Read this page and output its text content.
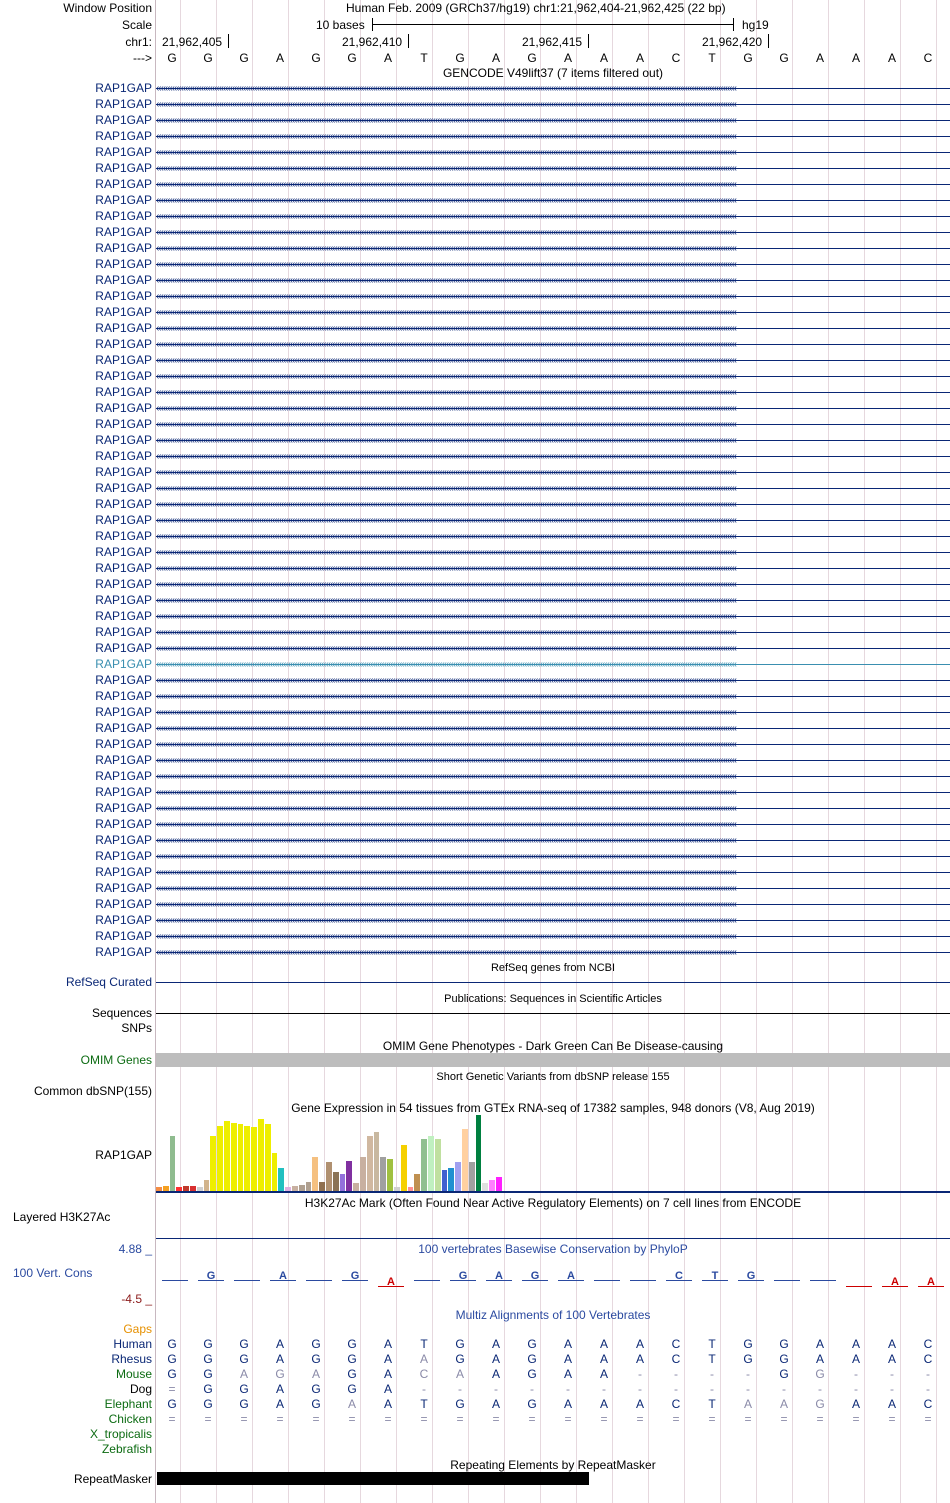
Window Position
Scale
chr1:
--->
Human Feb. 2009 (GRCh37/hg19) chr1:21,962,404-21,962,425 (22 bp)
10 bases	hg19
21,962,405	21,962,410	21,962,415	21,962,420
G	G	G	A	G	G	A	T	G	A	G	A	A	A	C	T	G	G	A	A	A	C
GENCODE V49lift37 (7 items filtered out)
RAP1GAP ‹‹‹‹‹‹‹‹‹‹‹‹‹‹‹‹‹‹‹‹‹‹‹‹‹‹‹‹‹‹‹‹‹‹‹‹‹‹‹‹‹‹‹‹‹‹‹‹‹‹‹‹‹‹‹‹‹‹‹‹‹‹‹‹‹‹‹‹‹‹‹‹‹‹‹‹‹‹‹‹‹‹‹‹‹‹‹‹‹‹‹‹‹‹‹‹‹‹‹‹‹‹‹‹‹‹‹‹‹‹‹‹‹‹‹‹‹‹‹‹‹‹‹‹‹‹‹‹‹‹‹‹‹‹‹‹‹‹‹‹‹‹‹‹‹‹‹‹‹‹‹‹‹‹‹‹‹‹‹‹‹‹‹‹‹‹‹‹‹‹‹‹‹‹‹‹‹‹‹‹‹‹‹‹‹‹‹‹‹‹‹‹‹‹‹‹‹‹‹‹‹‹‹‹‹‹‹‹‹‹‹‹‹‹‹‹‹‹‹‹‹‹‹‹‹‹‹‹‹‹‹‹‹‹‹‹‹‹‹‹‹‹‹‹‹‹‹‹‹‹‹‹‹‹‹‹‹‹‹‹
RAP1GAP ‹‹‹‹‹‹‹‹‹‹‹‹‹‹‹‹‹‹‹‹‹‹‹‹‹‹‹‹‹‹‹‹‹‹‹‹‹‹‹‹‹‹‹‹‹‹‹‹‹‹‹‹‹‹‹‹‹‹‹‹‹‹‹‹‹‹‹‹‹‹‹‹‹‹‹‹‹‹‹‹‹‹‹‹‹‹‹‹‹‹‹‹‹‹‹‹‹‹‹‹‹‹‹‹‹‹‹‹‹‹‹‹‹‹‹‹‹‹‹‹‹‹‹‹‹‹‹‹‹‹‹‹‹‹‹‹‹‹‹‹‹‹‹‹‹‹‹‹‹‹‹‹‹‹‹‹‹‹‹‹‹‹‹‹‹‹‹‹‹‹‹‹‹‹‹‹‹‹‹‹‹‹‹‹‹‹‹‹‹‹‹‹‹‹‹‹‹‹‹‹‹‹‹‹‹‹‹‹‹‹‹‹‹‹‹‹‹‹‹‹‹‹‹‹‹‹‹‹‹‹‹‹‹‹‹‹‹‹‹‹‹‹‹‹‹‹‹‹‹‹‹‹‹‹‹‹‹‹‹‹
RAP1GAP ‹‹‹‹‹‹‹‹‹‹‹‹‹‹‹‹‹‹‹‹‹‹‹‹‹‹‹‹‹‹‹‹‹‹‹‹‹‹‹‹‹‹‹‹‹‹‹‹‹‹‹‹‹‹‹‹‹‹‹‹‹‹‹‹‹‹‹‹‹‹‹‹‹‹‹‹‹‹‹‹‹‹‹‹‹‹‹‹‹‹‹‹‹‹‹‹‹‹‹‹‹‹‹‹‹‹‹‹‹‹‹‹‹‹‹‹‹‹‹‹‹‹‹‹‹‹‹‹‹‹‹‹‹‹‹‹‹‹‹‹‹‹‹‹‹‹‹‹‹‹‹‹‹‹‹‹‹‹‹‹‹‹‹‹‹‹‹‹‹‹‹‹‹‹‹‹‹‹‹‹‹‹‹‹‹‹‹‹‹‹‹‹‹‹‹‹‹‹‹‹‹‹‹‹‹‹‹‹‹‹‹‹‹‹‹‹‹‹‹‹‹‹‹‹‹‹‹‹‹‹‹‹‹‹‹‹‹‹‹‹‹‹‹‹‹‹‹‹‹‹‹‹‹‹‹‹‹‹‹‹
RAP1GAP ‹‹‹‹‹‹‹‹‹‹‹‹‹‹‹‹‹‹‹‹‹‹‹‹‹‹‹‹‹‹‹‹‹‹‹‹‹‹‹‹‹‹‹‹‹‹‹‹‹‹‹‹‹‹‹‹‹‹‹‹‹‹‹‹‹‹‹‹‹‹‹‹‹‹‹‹‹‹‹‹‹‹‹‹‹‹‹‹‹‹‹‹‹‹‹‹‹‹‹‹‹‹‹‹‹‹‹‹‹‹‹‹‹‹‹‹‹‹‹‹‹‹‹‹‹‹‹‹‹‹‹‹‹‹‹‹‹‹‹‹‹‹‹‹‹‹‹‹‹‹‹‹‹‹‹‹‹‹‹‹‹‹‹‹‹‹‹‹‹‹‹‹‹‹‹‹‹‹‹‹‹‹‹‹‹‹‹‹‹‹‹‹‹‹‹‹‹‹‹‹‹‹‹‹‹‹‹‹‹‹‹‹‹‹‹‹‹‹‹‹‹‹‹‹‹‹‹‹‹‹‹‹‹‹‹‹‹‹‹‹‹‹‹‹‹‹‹‹‹‹‹‹‹‹‹‹‹‹‹‹
RAP1GAP ‹‹‹‹‹‹‹‹‹‹‹‹‹‹‹‹‹‹‹‹‹‹‹‹‹‹‹‹‹‹‹‹‹‹‹‹‹‹‹‹‹‹‹‹‹‹‹‹‹‹‹‹‹‹‹‹‹‹‹‹‹‹‹‹‹‹‹‹‹‹‹‹‹‹‹‹‹‹‹‹‹‹‹‹‹‹‹‹‹‹‹‹‹‹‹‹‹‹‹‹‹‹‹‹‹‹‹‹‹‹‹‹‹‹‹‹‹‹‹‹‹‹‹‹‹‹‹‹‹‹‹‹‹‹‹‹‹‹‹‹‹‹‹‹‹‹‹‹‹‹‹‹‹‹‹‹‹‹‹‹‹‹‹‹‹‹‹‹‹‹‹‹‹‹‹‹‹‹‹‹‹‹‹‹‹‹‹‹‹‹‹‹‹‹‹‹‹‹‹‹‹‹‹‹‹‹‹‹‹‹‹‹‹‹‹‹‹‹‹‹‹‹‹‹‹‹‹‹‹‹‹‹‹‹‹‹‹‹‹‹‹‹‹‹‹‹‹‹‹‹‹‹‹‹‹‹‹‹‹‹
RAP1GAP ‹‹‹‹‹‹‹‹‹‹‹‹‹‹‹‹‹‹‹‹‹‹‹‹‹‹‹‹‹‹‹‹‹‹‹‹‹‹‹‹‹‹‹‹‹‹‹‹‹‹‹‹‹‹‹‹‹‹‹‹‹‹‹‹‹‹‹‹‹‹‹‹‹‹‹‹‹‹‹‹‹‹‹‹‹‹‹‹‹‹‹‹‹‹‹‹‹‹‹‹‹‹‹‹‹‹‹‹‹‹‹‹‹‹‹‹‹‹‹‹‹‹‹‹‹‹‹‹‹‹‹‹‹‹‹‹‹‹‹‹‹‹‹‹‹‹‹‹‹‹‹‹‹‹‹‹‹‹‹‹‹‹‹‹‹‹‹‹‹‹‹‹‹‹‹‹‹‹‹‹‹‹‹‹‹‹‹‹‹‹‹‹‹‹‹‹‹‹‹‹‹‹‹‹‹‹‹‹‹‹‹‹‹‹‹‹‹‹‹‹‹‹‹‹‹‹‹‹‹‹‹‹‹‹‹‹‹‹‹‹‹‹‹‹‹‹‹‹‹‹‹‹‹‹‹‹‹‹‹‹
RAP1GAP ‹‹‹‹‹‹‹‹‹‹‹‹‹‹‹‹‹‹‹‹‹‹‹‹‹‹‹‹‹‹‹‹‹‹‹‹‹‹‹‹‹‹‹‹‹‹‹‹‹‹‹‹‹‹‹‹‹‹‹‹‹‹‹‹‹‹‹‹‹‹‹‹‹‹‹‹‹‹‹‹‹‹‹‹‹‹‹‹‹‹‹‹‹‹‹‹‹‹‹‹‹‹‹‹‹‹‹‹‹‹‹‹‹‹‹‹‹‹‹‹‹‹‹‹‹‹‹‹‹‹‹‹‹‹‹‹‹‹‹‹‹‹‹‹‹‹‹‹‹‹‹‹‹‹‹‹‹‹‹‹‹‹‹‹‹‹‹‹‹‹‹‹‹‹‹‹‹‹‹‹‹‹‹‹‹‹‹‹‹‹‹‹‹‹‹‹‹‹‹‹‹‹‹‹‹‹‹‹‹‹‹‹‹‹‹‹‹‹‹‹‹‹‹‹‹‹‹‹‹‹‹‹‹‹‹‹‹‹‹‹‹‹‹‹‹‹‹‹‹‹‹‹‹‹‹‹‹‹‹‹
RAP1GAP ‹‹‹‹‹‹‹‹‹‹‹‹‹‹‹‹‹‹‹‹‹‹‹‹‹‹‹‹‹‹‹‹‹‹‹‹‹‹‹‹‹‹‹‹‹‹‹‹‹‹‹‹‹‹‹‹‹‹‹‹‹‹‹‹‹‹‹‹‹‹‹‹‹‹‹‹‹‹‹‹‹‹‹‹‹‹‹‹‹‹‹‹‹‹‹‹‹‹‹‹‹‹‹‹‹‹‹‹‹‹‹‹‹‹‹‹‹‹‹‹‹‹‹‹‹‹‹‹‹‹‹‹‹‹‹‹‹‹‹‹‹‹‹‹‹‹‹‹‹‹‹‹‹‹‹‹‹‹‹‹‹‹‹‹‹‹‹‹‹‹‹‹‹‹‹‹‹‹‹‹‹‹‹‹‹‹‹‹‹‹‹‹‹‹‹‹‹‹‹‹‹‹‹‹‹‹‹‹‹‹‹‹‹‹‹‹‹‹‹‹‹‹‹‹‹‹‹‹‹‹‹‹‹‹‹‹‹‹‹‹‹‹‹‹‹‹‹‹‹‹‹‹‹‹‹‹‹‹‹‹
RAP1GAP ‹‹‹‹‹‹‹‹‹‹‹‹‹‹‹‹‹‹‹‹‹‹‹‹‹‹‹‹‹‹‹‹‹‹‹‹‹‹‹‹‹‹‹‹‹‹‹‹‹‹‹‹‹‹‹‹‹‹‹‹‹‹‹‹‹‹‹‹‹‹‹‹‹‹‹‹‹‹‹‹‹‹‹‹‹‹‹‹‹‹‹‹‹‹‹‹‹‹‹‹‹‹‹‹‹‹‹‹‹‹‹‹‹‹‹‹‹‹‹‹‹‹‹‹‹‹‹‹‹‹‹‹‹‹‹‹‹‹‹‹‹‹‹‹‹‹‹‹‹‹‹‹‹‹‹‹‹‹‹‹‹‹‹‹‹‹‹‹‹‹‹‹‹‹‹‹‹‹‹‹‹‹‹‹‹‹‹‹‹‹‹‹‹‹‹‹‹‹‹‹‹‹‹‹‹‹‹‹‹‹‹‹‹‹‹‹‹‹‹‹‹‹‹‹‹‹‹‹‹‹‹‹‹‹‹‹‹‹‹‹‹‹‹‹‹‹‹‹‹‹‹‹‹‹‹‹‹‹‹‹
RAP1GAP ‹‹‹‹‹‹‹‹‹‹‹‹‹‹‹‹‹‹‹‹‹‹‹‹‹‹‹‹‹‹‹‹‹‹‹‹‹‹‹‹‹‹‹‹‹‹‹‹‹‹‹‹‹‹‹‹‹‹‹‹‹‹‹‹‹‹‹‹‹‹‹‹‹‹‹‹‹‹‹‹‹‹‹‹‹‹‹‹‹‹‹‹‹‹‹‹‹‹‹‹‹‹‹‹‹‹‹‹‹‹‹‹‹‹‹‹‹‹‹‹‹‹‹‹‹‹‹‹‹‹‹‹‹‹‹‹‹‹‹‹‹‹‹‹‹‹‹‹‹‹‹‹‹‹‹‹‹‹‹‹‹‹‹‹‹‹‹‹‹‹‹‹‹‹‹‹‹‹‹‹‹‹‹‹‹‹‹‹‹‹‹‹‹‹‹‹‹‹‹‹‹‹‹‹‹‹‹‹‹‹‹‹‹‹‹‹‹‹‹‹‹‹‹‹‹‹‹‹‹‹‹‹‹‹‹‹‹‹‹‹‹‹‹‹‹‹‹‹‹‹‹‹‹‹‹‹‹‹‹‹
RAP1GAP ‹‹‹‹‹‹‹‹‹‹‹‹‹‹‹‹‹‹‹‹‹‹‹‹‹‹‹‹‹‹‹‹‹‹‹‹‹‹‹‹‹‹‹‹‹‹‹‹‹‹‹‹‹‹‹‹‹‹‹‹‹‹‹‹‹‹‹‹‹‹‹‹‹‹‹‹‹‹‹‹‹‹‹‹‹‹‹‹‹‹‹‹‹‹‹‹‹‹‹‹‹‹‹‹‹‹‹‹‹‹‹‹‹‹‹‹‹‹‹‹‹‹‹‹‹‹‹‹‹‹‹‹‹‹‹‹‹‹‹‹‹‹‹‹‹‹‹‹‹‹‹‹‹‹‹‹‹‹‹‹‹‹‹‹‹‹‹‹‹‹‹‹‹‹‹‹‹‹‹‹‹‹‹‹‹‹‹‹‹‹‹‹‹‹‹‹‹‹‹‹‹‹‹‹‹‹‹‹‹‹‹‹‹‹‹‹‹‹‹‹‹‹‹‹‹‹‹‹‹‹‹‹‹‹‹‹‹‹‹‹‹‹‹‹‹‹‹‹‹‹‹‹‹‹‹‹‹‹‹‹
RAP1GAP ‹‹‹‹‹‹‹‹‹‹‹‹‹‹‹‹‹‹‹‹‹‹‹‹‹‹‹‹‹‹‹‹‹‹‹‹‹‹‹‹‹‹‹‹‹‹‹‹‹‹‹‹‹‹‹‹‹‹‹‹‹‹‹‹‹‹‹‹‹‹‹‹‹‹‹‹‹‹‹‹‹‹‹‹‹‹‹‹‹‹‹‹‹‹‹‹‹‹‹‹‹‹‹‹‹‹‹‹‹‹‹‹‹‹‹‹‹‹‹‹‹‹‹‹‹‹‹‹‹‹‹‹‹‹‹‹‹‹‹‹‹‹‹‹‹‹‹‹‹‹‹‹‹‹‹‹‹‹‹‹‹‹‹‹‹‹‹‹‹‹‹‹‹‹‹‹‹‹‹‹‹‹‹‹‹‹‹‹‹‹‹‹‹‹‹‹‹‹‹‹‹‹‹‹‹‹‹‹‹‹‹‹‹‹‹‹‹‹‹‹‹‹‹‹‹‹‹‹‹‹‹‹‹‹‹‹‹‹‹‹‹‹‹‹‹‹‹‹‹‹‹‹‹‹‹‹‹‹‹‹
RAP1GAP ‹‹‹‹‹‹‹‹‹‹‹‹‹‹‹‹‹‹‹‹‹‹‹‹‹‹‹‹‹‹‹‹‹‹‹‹‹‹‹‹‹‹‹‹‹‹‹‹‹‹‹‹‹‹‹‹‹‹‹‹‹‹‹‹‹‹‹‹‹‹‹‹‹‹‹‹‹‹‹‹‹‹‹‹‹‹‹‹‹‹‹‹‹‹‹‹‹‹‹‹‹‹‹‹‹‹‹‹‹‹‹‹‹‹‹‹‹‹‹‹‹‹‹‹‹‹‹‹‹‹‹‹‹‹‹‹‹‹‹‹‹‹‹‹‹‹‹‹‹‹‹‹‹‹‹‹‹‹‹‹‹‹‹‹‹‹‹‹‹‹‹‹‹‹‹‹‹‹‹‹‹‹‹‹‹‹‹‹‹‹‹‹‹‹‹‹‹‹‹‹‹‹‹‹‹‹‹‹‹‹‹‹‹‹‹‹‹‹‹‹‹‹‹‹‹‹‹‹‹‹‹‹‹‹‹‹‹‹‹‹‹‹‹‹‹‹‹‹‹‹‹‹‹‹‹‹‹‹‹‹
RAP1GAP ‹‹‹‹‹‹‹‹‹‹‹‹‹‹‹‹‹‹‹‹‹‹‹‹‹‹‹‹‹‹‹‹‹‹‹‹‹‹‹‹‹‹‹‹‹‹‹‹‹‹‹‹‹‹‹‹‹‹‹‹‹‹‹‹‹‹‹‹‹‹‹‹‹‹‹‹‹‹‹‹‹‹‹‹‹‹‹‹‹‹‹‹‹‹‹‹‹‹‹‹‹‹‹‹‹‹‹‹‹‹‹‹‹‹‹‹‹‹‹‹‹‹‹‹‹‹‹‹‹‹‹‹‹‹‹‹‹‹‹‹‹‹‹‹‹‹‹‹‹‹‹‹‹‹‹‹‹‹‹‹‹‹‹‹‹‹‹‹‹‹‹‹‹‹‹‹‹‹‹‹‹‹‹‹‹‹‹‹‹‹‹‹‹‹‹‹‹‹‹‹‹‹‹‹‹‹‹‹‹‹‹‹‹‹‹‹‹‹‹‹‹‹‹‹‹‹‹‹‹‹‹‹‹‹‹‹‹‹‹‹‹‹‹‹‹‹‹‹‹‹‹‹‹‹‹‹‹‹‹‹
RAP1GAP ‹‹‹‹‹‹‹‹‹‹‹‹‹‹‹‹‹‹‹‹‹‹‹‹‹‹‹‹‹‹‹‹‹‹‹‹‹‹‹‹‹‹‹‹‹‹‹‹‹‹‹‹‹‹‹‹‹‹‹‹‹‹‹‹‹‹‹‹‹‹‹‹‹‹‹‹‹‹‹‹‹‹‹‹‹‹‹‹‹‹‹‹‹‹‹‹‹‹‹‹‹‹‹‹‹‹‹‹‹‹‹‹‹‹‹‹‹‹‹‹‹‹‹‹‹‹‹‹‹‹‹‹‹‹‹‹‹‹‹‹‹‹‹‹‹‹‹‹‹‹‹‹‹‹‹‹‹‹‹‹‹‹‹‹‹‹‹‹‹‹‹‹‹‹‹‹‹‹‹‹‹‹‹‹‹‹‹‹‹‹‹‹‹‹‹‹‹‹‹‹‹‹‹‹‹‹‹‹‹‹‹‹‹‹‹‹‹‹‹‹‹‹‹‹‹‹‹‹‹‹‹‹‹‹‹‹‹‹‹‹‹‹‹‹‹‹‹‹‹‹‹‹‹‹‹‹‹‹‹‹
RAP1GAP ‹‹‹‹‹‹‹‹‹‹‹‹‹‹‹‹‹‹‹‹‹‹‹‹‹‹‹‹‹‹‹‹‹‹‹‹‹‹‹‹‹‹‹‹‹‹‹‹‹‹‹‹‹‹‹‹‹‹‹‹‹‹‹‹‹‹‹‹‹‹‹‹‹‹‹‹‹‹‹‹‹‹‹‹‹‹‹‹‹‹‹‹‹‹‹‹‹‹‹‹‹‹‹‹‹‹‹‹‹‹‹‹‹‹‹‹‹‹‹‹‹‹‹‹‹‹‹‹‹‹‹‹‹‹‹‹‹‹‹‹‹‹‹‹‹‹‹‹‹‹‹‹‹‹‹‹‹‹‹‹‹‹‹‹‹‹‹‹‹‹‹‹‹‹‹‹‹‹‹‹‹‹‹‹‹‹‹‹‹‹‹‹‹‹‹‹‹‹‹‹‹‹‹‹‹‹‹‹‹‹‹‹‹‹‹‹‹‹‹‹‹‹‹‹‹‹‹‹‹‹‹‹‹‹‹‹‹‹‹‹‹‹‹‹‹‹‹‹‹‹‹‹‹‹‹‹‹‹‹‹
RAP1GAP ‹‹‹‹‹‹‹‹‹‹‹‹‹‹‹‹‹‹‹‹‹‹‹‹‹‹‹‹‹‹‹‹‹‹‹‹‹‹‹‹‹‹‹‹‹‹‹‹‹‹‹‹‹‹‹‹‹‹‹‹‹‹‹‹‹‹‹‹‹‹‹‹‹‹‹‹‹‹‹‹‹‹‹‹‹‹‹‹‹‹‹‹‹‹‹‹‹‹‹‹‹‹‹‹‹‹‹‹‹‹‹‹‹‹‹‹‹‹‹‹‹‹‹‹‹‹‹‹‹‹‹‹‹‹‹‹‹‹‹‹‹‹‹‹‹‹‹‹‹‹‹‹‹‹‹‹‹‹‹‹‹‹‹‹‹‹‹‹‹‹‹‹‹‹‹‹‹‹‹‹‹‹‹‹‹‹‹‹‹‹‹‹‹‹‹‹‹‹‹‹‹‹‹‹‹‹‹‹‹‹‹‹‹‹‹‹‹‹‹‹‹‹‹‹‹‹‹‹‹‹‹‹‹‹‹‹‹‹‹‹‹‹‹‹‹‹‹‹‹‹‹‹‹‹‹‹‹‹‹‹
RAP1GAP ‹‹‹‹‹‹‹‹‹‹‹‹‹‹‹‹‹‹‹‹‹‹‹‹‹‹‹‹‹‹‹‹‹‹‹‹‹‹‹‹‹‹‹‹‹‹‹‹‹‹‹‹‹‹‹‹‹‹‹‹‹‹‹‹‹‹‹‹‹‹‹‹‹‹‹‹‹‹‹‹‹‹‹‹‹‹‹‹‹‹‹‹‹‹‹‹‹‹‹‹‹‹‹‹‹‹‹‹‹‹‹‹‹‹‹‹‹‹‹‹‹‹‹‹‹‹‹‹‹‹‹‹‹‹‹‹‹‹‹‹‹‹‹‹‹‹‹‹‹‹‹‹‹‹‹‹‹‹‹‹‹‹‹‹‹‹‹‹‹‹‹‹‹‹‹‹‹‹‹‹‹‹‹‹‹‹‹‹‹‹‹‹‹‹‹‹‹‹‹‹‹‹‹‹‹‹‹‹‹‹‹‹‹‹‹‹‹‹‹‹‹‹‹‹‹‹‹‹‹‹‹‹‹‹‹‹‹‹‹‹‹‹‹‹‹‹‹‹‹‹‹‹‹‹‹‹‹‹‹‹
RAP1GAP ‹‹‹‹‹‹‹‹‹‹‹‹‹‹‹‹‹‹‹‹‹‹‹‹‹‹‹‹‹‹‹‹‹‹‹‹‹‹‹‹‹‹‹‹‹‹‹‹‹‹‹‹‹‹‹‹‹‹‹‹‹‹‹‹‹‹‹‹‹‹‹‹‹‹‹‹‹‹‹‹‹‹‹‹‹‹‹‹‹‹‹‹‹‹‹‹‹‹‹‹‹‹‹‹‹‹‹‹‹‹‹‹‹‹‹‹‹‹‹‹‹‹‹‹‹‹‹‹‹‹‹‹‹‹‹‹‹‹‹‹‹‹‹‹‹‹‹‹‹‹‹‹‹‹‹‹‹‹‹‹‹‹‹‹‹‹‹‹‹‹‹‹‹‹‹‹‹‹‹‹‹‹‹‹‹‹‹‹‹‹‹‹‹‹‹‹‹‹‹‹‹‹‹‹‹‹‹‹‹‹‹‹‹‹‹‹‹‹‹‹‹‹‹‹‹‹‹‹‹‹‹‹‹‹‹‹‹‹‹‹‹‹‹‹‹‹‹‹‹‹‹‹‹‹‹‹‹‹‹‹
RAP1GAP ‹‹‹‹‹‹‹‹‹‹‹‹‹‹‹‹‹‹‹‹‹‹‹‹‹‹‹‹‹‹‹‹‹‹‹‹‹‹‹‹‹‹‹‹‹‹‹‹‹‹‹‹‹‹‹‹‹‹‹‹‹‹‹‹‹‹‹‹‹‹‹‹‹‹‹‹‹‹‹‹‹‹‹‹‹‹‹‹‹‹‹‹‹‹‹‹‹‹‹‹‹‹‹‹‹‹‹‹‹‹‹‹‹‹‹‹‹‹‹‹‹‹‹‹‹‹‹‹‹‹‹‹‹‹‹‹‹‹‹‹‹‹‹‹‹‹‹‹‹‹‹‹‹‹‹‹‹‹‹‹‹‹‹‹‹‹‹‹‹‹‹‹‹‹‹‹‹‹‹‹‹‹‹‹‹‹‹‹‹‹‹‹‹‹‹‹‹‹‹‹‹‹‹‹‹‹‹‹‹‹‹‹‹‹‹‹‹‹‹‹‹‹‹‹‹‹‹‹‹‹‹‹‹‹‹‹‹‹‹‹‹‹‹‹‹‹‹‹‹‹‹‹‹‹‹‹‹‹‹‹
RAP1GAP ‹‹‹‹‹‹‹‹‹‹‹‹‹‹‹‹‹‹‹‹‹‹‹‹‹‹‹‹‹‹‹‹‹‹‹‹‹‹‹‹‹‹‹‹‹‹‹‹‹‹‹‹‹‹‹‹‹‹‹‹‹‹‹‹‹‹‹‹‹‹‹‹‹‹‹‹‹‹‹‹‹‹‹‹‹‹‹‹‹‹‹‹‹‹‹‹‹‹‹‹‹‹‹‹‹‹‹‹‹‹‹‹‹‹‹‹‹‹‹‹‹‹‹‹‹‹‹‹‹‹‹‹‹‹‹‹‹‹‹‹‹‹‹‹‹‹‹‹‹‹‹‹‹‹‹‹‹‹‹‹‹‹‹‹‹‹‹‹‹‹‹‹‹‹‹‹‹‹‹‹‹‹‹‹‹‹‹‹‹‹‹‹‹‹‹‹‹‹‹‹‹‹‹‹‹‹‹‹‹‹‹‹‹‹‹‹‹‹‹‹‹‹‹‹‹‹‹‹‹‹‹‹‹‹‹‹‹‹‹‹‹‹‹‹‹‹‹‹‹‹‹‹‹‹‹‹‹‹‹‹
RAP1GAP ‹‹‹‹‹‹‹‹‹‹‹‹‹‹‹‹‹‹‹‹‹‹‹‹‹‹‹‹‹‹‹‹‹‹‹‹‹‹‹‹‹‹‹‹‹‹‹‹‹‹‹‹‹‹‹‹‹‹‹‹‹‹‹‹‹‹‹‹‹‹‹‹‹‹‹‹‹‹‹‹‹‹‹‹‹‹‹‹‹‹‹‹‹‹‹‹‹‹‹‹‹‹‹‹‹‹‹‹‹‹‹‹‹‹‹‹‹‹‹‹‹‹‹‹‹‹‹‹‹‹‹‹‹‹‹‹‹‹‹‹‹‹‹‹‹‹‹‹‹‹‹‹‹‹‹‹‹‹‹‹‹‹‹‹‹‹‹‹‹‹‹‹‹‹‹‹‹‹‹‹‹‹‹‹‹‹‹‹‹‹‹‹‹‹‹‹‹‹‹‹‹‹‹‹‹‹‹‹‹‹‹‹‹‹‹‹‹‹‹‹‹‹‹‹‹‹‹‹‹‹‹‹‹‹‹‹‹‹‹‹‹‹‹‹‹‹‹‹‹‹‹‹‹‹‹‹‹‹‹‹
RAP1GAP ‹‹‹‹‹‹‹‹‹‹‹‹‹‹‹‹‹‹‹‹‹‹‹‹‹‹‹‹‹‹‹‹‹‹‹‹‹‹‹‹‹‹‹‹‹‹‹‹‹‹‹‹‹‹‹‹‹‹‹‹‹‹‹‹‹‹‹‹‹‹‹‹‹‹‹‹‹‹‹‹‹‹‹‹‹‹‹‹‹‹‹‹‹‹‹‹‹‹‹‹‹‹‹‹‹‹‹‹‹‹‹‹‹‹‹‹‹‹‹‹‹‹‹‹‹‹‹‹‹‹‹‹‹‹‹‹‹‹‹‹‹‹‹‹‹‹‹‹‹‹‹‹‹‹‹‹‹‹‹‹‹‹‹‹‹‹‹‹‹‹‹‹‹‹‹‹‹‹‹‹‹‹‹‹‹‹‹‹‹‹‹‹‹‹‹‹‹‹‹‹‹‹‹‹‹‹‹‹‹‹‹‹‹‹‹‹‹‹‹‹‹‹‹‹‹‹‹‹‹‹‹‹‹‹‹‹‹‹‹‹‹‹‹‹‹‹‹‹‹‹‹‹‹‹‹‹‹‹‹‹
RAP1GAP ‹‹‹‹‹‹‹‹‹‹‹‹‹‹‹‹‹‹‹‹‹‹‹‹‹‹‹‹‹‹‹‹‹‹‹‹‹‹‹‹‹‹‹‹‹‹‹‹‹‹‹‹‹‹‹‹‹‹‹‹‹‹‹‹‹‹‹‹‹‹‹‹‹‹‹‹‹‹‹‹‹‹‹‹‹‹‹‹‹‹‹‹‹‹‹‹‹‹‹‹‹‹‹‹‹‹‹‹‹‹‹‹‹‹‹‹‹‹‹‹‹‹‹‹‹‹‹‹‹‹‹‹‹‹‹‹‹‹‹‹‹‹‹‹‹‹‹‹‹‹‹‹‹‹‹‹‹‹‹‹‹‹‹‹‹‹‹‹‹‹‹‹‹‹‹‹‹‹‹‹‹‹‹‹‹‹‹‹‹‹‹‹‹‹‹‹‹‹‹‹‹‹‹‹‹‹‹‹‹‹‹‹‹‹‹‹‹‹‹‹‹‹‹‹‹‹‹‹‹‹‹‹‹‹‹‹‹‹‹‹‹‹‹‹‹‹‹‹‹‹‹‹‹‹‹‹‹‹‹‹
RAP1GAP ‹‹‹‹‹‹‹‹‹‹‹‹‹‹‹‹‹‹‹‹‹‹‹‹‹‹‹‹‹‹‹‹‹‹‹‹‹‹‹‹‹‹‹‹‹‹‹‹‹‹‹‹‹‹‹‹‹‹‹‹‹‹‹‹‹‹‹‹‹‹‹‹‹‹‹‹‹‹‹‹‹‹‹‹‹‹‹‹‹‹‹‹‹‹‹‹‹‹‹‹‹‹‹‹‹‹‹‹‹‹‹‹‹‹‹‹‹‹‹‹‹‹‹‹‹‹‹‹‹‹‹‹‹‹‹‹‹‹‹‹‹‹‹‹‹‹‹‹‹‹‹‹‹‹‹‹‹‹‹‹‹‹‹‹‹‹‹‹‹‹‹‹‹‹‹‹‹‹‹‹‹‹‹‹‹‹‹‹‹‹‹‹‹‹‹‹‹‹‹‹‹‹‹‹‹‹‹‹‹‹‹‹‹‹‹‹‹‹‹‹‹‹‹‹‹‹‹‹‹‹‹‹‹‹‹‹‹‹‹‹‹‹‹‹‹‹‹‹‹‹‹‹‹‹‹‹‹‹‹‹
RAP1GAP ‹‹‹‹‹‹‹‹‹‹‹‹‹‹‹‹‹‹‹‹‹‹‹‹‹‹‹‹‹‹‹‹‹‹‹‹‹‹‹‹‹‹‹‹‹‹‹‹‹‹‹‹‹‹‹‹‹‹‹‹‹‹‹‹‹‹‹‹‹‹‹‹‹‹‹‹‹‹‹‹‹‹‹‹‹‹‹‹‹‹‹‹‹‹‹‹‹‹‹‹‹‹‹‹‹‹‹‹‹‹‹‹‹‹‹‹‹‹‹‹‹‹‹‹‹‹‹‹‹‹‹‹‹‹‹‹‹‹‹‹‹‹‹‹‹‹‹‹‹‹‹‹‹‹‹‹‹‹‹‹‹‹‹‹‹‹‹‹‹‹‹‹‹‹‹‹‹‹‹‹‹‹‹‹‹‹‹‹‹‹‹‹‹‹‹‹‹‹‹‹‹‹‹‹‹‹‹‹‹‹‹‹‹‹‹‹‹‹‹‹‹‹‹‹‹‹‹‹‹‹‹‹‹‹‹‹‹‹‹‹‹‹‹‹‹‹‹‹‹‹‹‹‹‹‹‹‹‹‹‹
RAP1GAP ‹‹‹‹‹‹‹‹‹‹‹‹‹‹‹‹‹‹‹‹‹‹‹‹‹‹‹‹‹‹‹‹‹‹‹‹‹‹‹‹‹‹‹‹‹‹‹‹‹‹‹‹‹‹‹‹‹‹‹‹‹‹‹‹‹‹‹‹‹‹‹‹‹‹‹‹‹‹‹‹‹‹‹‹‹‹‹‹‹‹‹‹‹‹‹‹‹‹‹‹‹‹‹‹‹‹‹‹‹‹‹‹‹‹‹‹‹‹‹‹‹‹‹‹‹‹‹‹‹‹‹‹‹‹‹‹‹‹‹‹‹‹‹‹‹‹‹‹‹‹‹‹‹‹‹‹‹‹‹‹‹‹‹‹‹‹‹‹‹‹‹‹‹‹‹‹‹‹‹‹‹‹‹‹‹‹‹‹‹‹‹‹‹‹‹‹‹‹‹‹‹‹‹‹‹‹‹‹‹‹‹‹‹‹‹‹‹‹‹‹‹‹‹‹‹‹‹‹‹‹‹‹‹‹‹‹‹‹‹‹‹‹‹‹‹‹‹‹‹‹‹‹‹‹‹‹‹‹‹‹
RAP1GAP ‹‹‹‹‹‹‹‹‹‹‹‹‹‹‹‹‹‹‹‹‹‹‹‹‹‹‹‹‹‹‹‹‹‹‹‹‹‹‹‹‹‹‹‹‹‹‹‹‹‹‹‹‹‹‹‹‹‹‹‹‹‹‹‹‹‹‹‹‹‹‹‹‹‹‹‹‹‹‹‹‹‹‹‹‹‹‹‹‹‹‹‹‹‹‹‹‹‹‹‹‹‹‹‹‹‹‹‹‹‹‹‹‹‹‹‹‹‹‹‹‹‹‹‹‹‹‹‹‹‹‹‹‹‹‹‹‹‹‹‹‹‹‹‹‹‹‹‹‹‹‹‹‹‹‹‹‹‹‹‹‹‹‹‹‹‹‹‹‹‹‹‹‹‹‹‹‹‹‹‹‹‹‹‹‹‹‹‹‹‹‹‹‹‹‹‹‹‹‹‹‹‹‹‹‹‹‹‹‹‹‹‹‹‹‹‹‹‹‹‹‹‹‹‹‹‹‹‹‹‹‹‹‹‹‹‹‹‹‹‹‹‹‹‹‹‹‹‹‹‹‹‹‹‹‹‹‹‹‹‹
RAP1GAP ‹‹‹‹‹‹‹‹‹‹‹‹‹‹‹‹‹‹‹‹‹‹‹‹‹‹‹‹‹‹‹‹‹‹‹‹‹‹‹‹‹‹‹‹‹‹‹‹‹‹‹‹‹‹‹‹‹‹‹‹‹‹‹‹‹‹‹‹‹‹‹‹‹‹‹‹‹‹‹‹‹‹‹‹‹‹‹‹‹‹‹‹‹‹‹‹‹‹‹‹‹‹‹‹‹‹‹‹‹‹‹‹‹‹‹‹‹‹‹‹‹‹‹‹‹‹‹‹‹‹‹‹‹‹‹‹‹‹‹‹‹‹‹‹‹‹‹‹‹‹‹‹‹‹‹‹‹‹‹‹‹‹‹‹‹‹‹‹‹‹‹‹‹‹‹‹‹‹‹‹‹‹‹‹‹‹‹‹‹‹‹‹‹‹‹‹‹‹‹‹‹‹‹‹‹‹‹‹‹‹‹‹‹‹‹‹‹‹‹‹‹‹‹‹‹‹‹‹‹‹‹‹‹‹‹‹‹‹‹‹‹‹‹‹‹‹‹‹‹‹‹‹‹‹‹‹‹‹‹‹
RAP1GAP ‹‹‹‹‹‹‹‹‹‹‹‹‹‹‹‹‹‹‹‹‹‹‹‹‹‹‹‹‹‹‹‹‹‹‹‹‹‹‹‹‹‹‹‹‹‹‹‹‹‹‹‹‹‹‹‹‹‹‹‹‹‹‹‹‹‹‹‹‹‹‹‹‹‹‹‹‹‹‹‹‹‹‹‹‹‹‹‹‹‹‹‹‹‹‹‹‹‹‹‹‹‹‹‹‹‹‹‹‹‹‹‹‹‹‹‹‹‹‹‹‹‹‹‹‹‹‹‹‹‹‹‹‹‹‹‹‹‹‹‹‹‹‹‹‹‹‹‹‹‹‹‹‹‹‹‹‹‹‹‹‹‹‹‹‹‹‹‹‹‹‹‹‹‹‹‹‹‹‹‹‹‹‹‹‹‹‹‹‹‹‹‹‹‹‹‹‹‹‹‹‹‹‹‹‹‹‹‹‹‹‹‹‹‹‹‹‹‹‹‹‹‹‹‹‹‹‹‹‹‹‹‹‹‹‹‹‹‹‹‹‹‹‹‹‹‹‹‹‹‹‹‹‹‹‹‹‹‹‹‹
RAP1GAP ‹‹‹‹‹‹‹‹‹‹‹‹‹‹‹‹‹‹‹‹‹‹‹‹‹‹‹‹‹‹‹‹‹‹‹‹‹‹‹‹‹‹‹‹‹‹‹‹‹‹‹‹‹‹‹‹‹‹‹‹‹‹‹‹‹‹‹‹‹‹‹‹‹‹‹‹‹‹‹‹‹‹‹‹‹‹‹‹‹‹‹‹‹‹‹‹‹‹‹‹‹‹‹‹‹‹‹‹‹‹‹‹‹‹‹‹‹‹‹‹‹‹‹‹‹‹‹‹‹‹‹‹‹‹‹‹‹‹‹‹‹‹‹‹‹‹‹‹‹‹‹‹‹‹‹‹‹‹‹‹‹‹‹‹‹‹‹‹‹‹‹‹‹‹‹‹‹‹‹‹‹‹‹‹‹‹‹‹‹‹‹‹‹‹‹‹‹‹‹‹‹‹‹‹‹‹‹‹‹‹‹‹‹‹‹‹‹‹‹‹‹‹‹‹‹‹‹‹‹‹‹‹‹‹‹‹‹‹‹‹‹‹‹‹‹‹‹‹‹‹‹‹‹‹‹‹‹‹‹‹
RAP1GAP ‹‹‹‹‹‹‹‹‹‹‹‹‹‹‹‹‹‹‹‹‹‹‹‹‹‹‹‹‹‹‹‹‹‹‹‹‹‹‹‹‹‹‹‹‹‹‹‹‹‹‹‹‹‹‹‹‹‹‹‹‹‹‹‹‹‹‹‹‹‹‹‹‹‹‹‹‹‹‹‹‹‹‹‹‹‹‹‹‹‹‹‹‹‹‹‹‹‹‹‹‹‹‹‹‹‹‹‹‹‹‹‹‹‹‹‹‹‹‹‹‹‹‹‹‹‹‹‹‹‹‹‹‹‹‹‹‹‹‹‹‹‹‹‹‹‹‹‹‹‹‹‹‹‹‹‹‹‹‹‹‹‹‹‹‹‹‹‹‹‹‹‹‹‹‹‹‹‹‹‹‹‹‹‹‹‹‹‹‹‹‹‹‹‹‹‹‹‹‹‹‹‹‹‹‹‹‹‹‹‹‹‹‹‹‹‹‹‹‹‹‹‹‹‹‹‹‹‹‹‹‹‹‹‹‹‹‹‹‹‹‹‹‹‹‹‹‹‹‹‹‹‹‹‹‹‹‹‹‹‹
RAP1GAP ‹‹‹‹‹‹‹‹‹‹‹‹‹‹‹‹‹‹‹‹‹‹‹‹‹‹‹‹‹‹‹‹‹‹‹‹‹‹‹‹‹‹‹‹‹‹‹‹‹‹‹‹‹‹‹‹‹‹‹‹‹‹‹‹‹‹‹‹‹‹‹‹‹‹‹‹‹‹‹‹‹‹‹‹‹‹‹‹‹‹‹‹‹‹‹‹‹‹‹‹‹‹‹‹‹‹‹‹‹‹‹‹‹‹‹‹‹‹‹‹‹‹‹‹‹‹‹‹‹‹‹‹‹‹‹‹‹‹‹‹‹‹‹‹‹‹‹‹‹‹‹‹‹‹‹‹‹‹‹‹‹‹‹‹‹‹‹‹‹‹‹‹‹‹‹‹‹‹‹‹‹‹‹‹‹‹‹‹‹‹‹‹‹‹‹‹‹‹‹‹‹‹‹‹‹‹‹‹‹‹‹‹‹‹‹‹‹‹‹‹‹‹‹‹‹‹‹‹‹‹‹‹‹‹‹‹‹‹‹‹‹‹‹‹‹‹‹‹‹‹‹‹‹‹‹‹‹‹‹‹
RAP1GAP ‹‹‹‹‹‹‹‹‹‹‹‹‹‹‹‹‹‹‹‹‹‹‹‹‹‹‹‹‹‹‹‹‹‹‹‹‹‹‹‹‹‹‹‹‹‹‹‹‹‹‹‹‹‹‹‹‹‹‹‹‹‹‹‹‹‹‹‹‹‹‹‹‹‹‹‹‹‹‹‹‹‹‹‹‹‹‹‹‹‹‹‹‹‹‹‹‹‹‹‹‹‹‹‹‹‹‹‹‹‹‹‹‹‹‹‹‹‹‹‹‹‹‹‹‹‹‹‹‹‹‹‹‹‹‹‹‹‹‹‹‹‹‹‹‹‹‹‹‹‹‹‹‹‹‹‹‹‹‹‹‹‹‹‹‹‹‹‹‹‹‹‹‹‹‹‹‹‹‹‹‹‹‹‹‹‹‹‹‹‹‹‹‹‹‹‹‹‹‹‹‹‹‹‹‹‹‹‹‹‹‹‹‹‹‹‹‹‹‹‹‹‹‹‹‹‹‹‹‹‹‹‹‹‹‹‹‹‹‹‹‹‹‹‹‹‹‹‹‹‹‹‹‹‹‹‹‹‹‹‹
RAP1GAP ‹‹‹‹‹‹‹‹‹‹‹‹‹‹‹‹‹‹‹‹‹‹‹‹‹‹‹‹‹‹‹‹‹‹‹‹‹‹‹‹‹‹‹‹‹‹‹‹‹‹‹‹‹‹‹‹‹‹‹‹‹‹‹‹‹‹‹‹‹‹‹‹‹‹‹‹‹‹‹‹‹‹‹‹‹‹‹‹‹‹‹‹‹‹‹‹‹‹‹‹‹‹‹‹‹‹‹‹‹‹‹‹‹‹‹‹‹‹‹‹‹‹‹‹‹‹‹‹‹‹‹‹‹‹‹‹‹‹‹‹‹‹‹‹‹‹‹‹‹‹‹‹‹‹‹‹‹‹‹‹‹‹‹‹‹‹‹‹‹‹‹‹‹‹‹‹‹‹‹‹‹‹‹‹‹‹‹‹‹‹‹‹‹‹‹‹‹‹‹‹‹‹‹‹‹‹‹‹‹‹‹‹‹‹‹‹‹‹‹‹‹‹‹‹‹‹‹‹‹‹‹‹‹‹‹‹‹‹‹‹‹‹‹‹‹‹‹‹‹‹‹‹‹‹‹‹‹‹‹‹
RAP1GAP ‹‹‹‹‹‹‹‹‹‹‹‹‹‹‹‹‹‹‹‹‹‹‹‹‹‹‹‹‹‹‹‹‹‹‹‹‹‹‹‹‹‹‹‹‹‹‹‹‹‹‹‹‹‹‹‹‹‹‹‹‹‹‹‹‹‹‹‹‹‹‹‹‹‹‹‹‹‹‹‹‹‹‹‹‹‹‹‹‹‹‹‹‹‹‹‹‹‹‹‹‹‹‹‹‹‹‹‹‹‹‹‹‹‹‹‹‹‹‹‹‹‹‹‹‹‹‹‹‹‹‹‹‹‹‹‹‹‹‹‹‹‹‹‹‹‹‹‹‹‹‹‹‹‹‹‹‹‹‹‹‹‹‹‹‹‹‹‹‹‹‹‹‹‹‹‹‹‹‹‹‹‹‹‹‹‹‹‹‹‹‹‹‹‹‹‹‹‹‹‹‹‹‹‹‹‹‹‹‹‹‹‹‹‹‹‹‹‹‹‹‹‹‹‹‹‹‹‹‹‹‹‹‹‹‹‹‹‹‹‹‹‹‹‹‹‹‹‹‹‹‹‹‹‹‹‹‹‹‹‹
RAP1GAP ‹‹‹‹‹‹‹‹‹‹‹‹‹‹‹‹‹‹‹‹‹‹‹‹‹‹‹‹‹‹‹‹‹‹‹‹‹‹‹‹‹‹‹‹‹‹‹‹‹‹‹‹‹‹‹‹‹‹‹‹‹‹‹‹‹‹‹‹‹‹‹‹‹‹‹‹‹‹‹‹‹‹‹‹‹‹‹‹‹‹‹‹‹‹‹‹‹‹‹‹‹‹‹‹‹‹‹‹‹‹‹‹‹‹‹‹‹‹‹‹‹‹‹‹‹‹‹‹‹‹‹‹‹‹‹‹‹‹‹‹‹‹‹‹‹‹‹‹‹‹‹‹‹‹‹‹‹‹‹‹‹‹‹‹‹‹‹‹‹‹‹‹‹‹‹‹‹‹‹‹‹‹‹‹‹‹‹‹‹‹‹‹‹‹‹‹‹‹‹‹‹‹‹‹‹‹‹‹‹‹‹‹‹‹‹‹‹‹‹‹‹‹‹‹‹‹‹‹‹‹‹‹‹‹‹‹‹‹‹‹‹‹‹‹‹‹‹‹‹‹‹‹‹‹‹‹‹‹‹‹
RAP1GAP ‹‹‹‹‹‹‹‹‹‹‹‹‹‹‹‹‹‹‹‹‹‹‹‹‹‹‹‹‹‹‹‹‹‹‹‹‹‹‹‹‹‹‹‹‹‹‹‹‹‹‹‹‹‹‹‹‹‹‹‹‹‹‹‹‹‹‹‹‹‹‹‹‹‹‹‹‹‹‹‹‹‹‹‹‹‹‹‹‹‹‹‹‹‹‹‹‹‹‹‹‹‹‹‹‹‹‹‹‹‹‹‹‹‹‹‹‹‹‹‹‹‹‹‹‹‹‹‹‹‹‹‹‹‹‹‹‹‹‹‹‹‹‹‹‹‹‹‹‹‹‹‹‹‹‹‹‹‹‹‹‹‹‹‹‹‹‹‹‹‹‹‹‹‹‹‹‹‹‹‹‹‹‹‹‹‹‹‹‹‹‹‹‹‹‹‹‹‹‹‹‹‹‹‹‹‹‹‹‹‹‹‹‹‹‹‹‹‹‹‹‹‹‹‹‹‹‹‹‹‹‹‹‹‹‹‹‹‹‹‹‹‹‹‹‹‹‹‹‹‹‹‹‹‹‹‹‹‹‹‹
RAP1GAP ‹‹‹‹‹‹‹‹‹‹‹‹‹‹‹‹‹‹‹‹‹‹‹‹‹‹‹‹‹‹‹‹‹‹‹‹‹‹‹‹‹‹‹‹‹‹‹‹‹‹‹‹‹‹‹‹‹‹‹‹‹‹‹‹‹‹‹‹‹‹‹‹‹‹‹‹‹‹‹‹‹‹‹‹‹‹‹‹‹‹‹‹‹‹‹‹‹‹‹‹‹‹‹‹‹‹‹‹‹‹‹‹‹‹‹‹‹‹‹‹‹‹‹‹‹‹‹‹‹‹‹‹‹‹‹‹‹‹‹‹‹‹‹‹‹‹‹‹‹‹‹‹‹‹‹‹‹‹‹‹‹‹‹‹‹‹‹‹‹‹‹‹‹‹‹‹‹‹‹‹‹‹‹‹‹‹‹‹‹‹‹‹‹‹‹‹‹‹‹‹‹‹‹‹‹‹‹‹‹‹‹‹‹‹‹‹‹‹‹‹‹‹‹‹‹‹‹‹‹‹‹‹‹‹‹‹‹‹‹‹‹‹‹‹‹‹‹‹‹‹‹‹‹‹‹‹‹‹‹‹
RAP1GAP ‹‹‹‹‹‹‹‹‹‹‹‹‹‹‹‹‹‹‹‹‹‹‹‹‹‹‹‹‹‹‹‹‹‹‹‹‹‹‹‹‹‹‹‹‹‹‹‹‹‹‹‹‹‹‹‹‹‹‹‹‹‹‹‹‹‹‹‹‹‹‹‹‹‹‹‹‹‹‹‹‹‹‹‹‹‹‹‹‹‹‹‹‹‹‹‹‹‹‹‹‹‹‹‹‹‹‹‹‹‹‹‹‹‹‹‹‹‹‹‹‹‹‹‹‹‹‹‹‹‹‹‹‹‹‹‹‹‹‹‹‹‹‹‹‹‹‹‹‹‹‹‹‹‹‹‹‹‹‹‹‹‹‹‹‹‹‹‹‹‹‹‹‹‹‹‹‹‹‹‹‹‹‹‹‹‹‹‹‹‹‹‹‹‹‹‹‹‹‹‹‹‹‹‹‹‹‹‹‹‹‹‹‹‹‹‹‹‹‹‹‹‹‹‹‹‹‹‹‹‹‹‹‹‹‹‹‹‹‹‹‹‹‹‹‹‹‹‹‹‹‹‹‹‹‹‹‹‹‹‹
RAP1GAP ‹‹‹‹‹‹‹‹‹‹‹‹‹‹‹‹‹‹‹‹‹‹‹‹‹‹‹‹‹‹‹‹‹‹‹‹‹‹‹‹‹‹‹‹‹‹‹‹‹‹‹‹‹‹‹‹‹‹‹‹‹‹‹‹‹‹‹‹‹‹‹‹‹‹‹‹‹‹‹‹‹‹‹‹‹‹‹‹‹‹‹‹‹‹‹‹‹‹‹‹‹‹‹‹‹‹‹‹‹‹‹‹‹‹‹‹‹‹‹‹‹‹‹‹‹‹‹‹‹‹‹‹‹‹‹‹‹‹‹‹‹‹‹‹‹‹‹‹‹‹‹‹‹‹‹‹‹‹‹‹‹‹‹‹‹‹‹‹‹‹‹‹‹‹‹‹‹‹‹‹‹‹‹‹‹‹‹‹‹‹‹‹‹‹‹‹‹‹‹‹‹‹‹‹‹‹‹‹‹‹‹‹‹‹‹‹‹‹‹‹‹‹‹‹‹‹‹‹‹‹‹‹‹‹‹‹‹‹‹‹‹‹‹‹‹‹‹‹‹‹‹‹‹‹‹‹‹‹‹‹
RAP1GAP ‹‹‹‹‹‹‹‹‹‹‹‹‹‹‹‹‹‹‹‹‹‹‹‹‹‹‹‹‹‹‹‹‹‹‹‹‹‹‹‹‹‹‹‹‹‹‹‹‹‹‹‹‹‹‹‹‹‹‹‹‹‹‹‹‹‹‹‹‹‹‹‹‹‹‹‹‹‹‹‹‹‹‹‹‹‹‹‹‹‹‹‹‹‹‹‹‹‹‹‹‹‹‹‹‹‹‹‹‹‹‹‹‹‹‹‹‹‹‹‹‹‹‹‹‹‹‹‹‹‹‹‹‹‹‹‹‹‹‹‹‹‹‹‹‹‹‹‹‹‹‹‹‹‹‹‹‹‹‹‹‹‹‹‹‹‹‹‹‹‹‹‹‹‹‹‹‹‹‹‹‹‹‹‹‹‹‹‹‹‹‹‹‹‹‹‹‹‹‹‹‹‹‹‹‹‹‹‹‹‹‹‹‹‹‹‹‹‹‹‹‹‹‹‹‹‹‹‹‹‹‹‹‹‹‹‹‹‹‹‹‹‹‹‹‹‹‹‹‹‹‹‹‹‹‹‹‹‹‹‹
RAP1GAP ‹‹‹‹‹‹‹‹‹‹‹‹‹‹‹‹‹‹‹‹‹‹‹‹‹‹‹‹‹‹‹‹‹‹‹‹‹‹‹‹‹‹‹‹‹‹‹‹‹‹‹‹‹‹‹‹‹‹‹‹‹‹‹‹‹‹‹‹‹‹‹‹‹‹‹‹‹‹‹‹‹‹‹‹‹‹‹‹‹‹‹‹‹‹‹‹‹‹‹‹‹‹‹‹‹‹‹‹‹‹‹‹‹‹‹‹‹‹‹‹‹‹‹‹‹‹‹‹‹‹‹‹‹‹‹‹‹‹‹‹‹‹‹‹‹‹‹‹‹‹‹‹‹‹‹‹‹‹‹‹‹‹‹‹‹‹‹‹‹‹‹‹‹‹‹‹‹‹‹‹‹‹‹‹‹‹‹‹‹‹‹‹‹‹‹‹‹‹‹‹‹‹‹‹‹‹‹‹‹‹‹‹‹‹‹‹‹‹‹‹‹‹‹‹‹‹‹‹‹‹‹‹‹‹‹‹‹‹‹‹‹‹‹‹‹‹‹‹‹‹‹‹‹‹‹‹‹‹‹‹
RAP1GAP ‹‹‹‹‹‹‹‹‹‹‹‹‹‹‹‹‹‹‹‹‹‹‹‹‹‹‹‹‹‹‹‹‹‹‹‹‹‹‹‹‹‹‹‹‹‹‹‹‹‹‹‹‹‹‹‹‹‹‹‹‹‹‹‹‹‹‹‹‹‹‹‹‹‹‹‹‹‹‹‹‹‹‹‹‹‹‹‹‹‹‹‹‹‹‹‹‹‹‹‹‹‹‹‹‹‹‹‹‹‹‹‹‹‹‹‹‹‹‹‹‹‹‹‹‹‹‹‹‹‹‹‹‹‹‹‹‹‹‹‹‹‹‹‹‹‹‹‹‹‹‹‹‹‹‹‹‹‹‹‹‹‹‹‹‹‹‹‹‹‹‹‹‹‹‹‹‹‹‹‹‹‹‹‹‹‹‹‹‹‹‹‹‹‹‹‹‹‹‹‹‹‹‹‹‹‹‹‹‹‹‹‹‹‹‹‹‹‹‹‹‹‹‹‹‹‹‹‹‹‹‹‹‹‹‹‹‹‹‹‹‹‹‹‹‹‹‹‹‹‹‹‹‹‹‹‹‹‹‹‹
RAP1GAP ‹‹‹‹‹‹‹‹‹‹‹‹‹‹‹‹‹‹‹‹‹‹‹‹‹‹‹‹‹‹‹‹‹‹‹‹‹‹‹‹‹‹‹‹‹‹‹‹‹‹‹‹‹‹‹‹‹‹‹‹‹‹‹‹‹‹‹‹‹‹‹‹‹‹‹‹‹‹‹‹‹‹‹‹‹‹‹‹‹‹‹‹‹‹‹‹‹‹‹‹‹‹‹‹‹‹‹‹‹‹‹‹‹‹‹‹‹‹‹‹‹‹‹‹‹‹‹‹‹‹‹‹‹‹‹‹‹‹‹‹‹‹‹‹‹‹‹‹‹‹‹‹‹‹‹‹‹‹‹‹‹‹‹‹‹‹‹‹‹‹‹‹‹‹‹‹‹‹‹‹‹‹‹‹‹‹‹‹‹‹‹‹‹‹‹‹‹‹‹‹‹‹‹‹‹‹‹‹‹‹‹‹‹‹‹‹‹‹‹‹‹‹‹‹‹‹‹‹‹‹‹‹‹‹‹‹‹‹‹‹‹‹‹‹‹‹‹‹‹‹‹‹‹‹‹‹‹‹‹‹
RAP1GAP ‹‹‹‹‹‹‹‹‹‹‹‹‹‹‹‹‹‹‹‹‹‹‹‹‹‹‹‹‹‹‹‹‹‹‹‹‹‹‹‹‹‹‹‹‹‹‹‹‹‹‹‹‹‹‹‹‹‹‹‹‹‹‹‹‹‹‹‹‹‹‹‹‹‹‹‹‹‹‹‹‹‹‹‹‹‹‹‹‹‹‹‹‹‹‹‹‹‹‹‹‹‹‹‹‹‹‹‹‹‹‹‹‹‹‹‹‹‹‹‹‹‹‹‹‹‹‹‹‹‹‹‹‹‹‹‹‹‹‹‹‹‹‹‹‹‹‹‹‹‹‹‹‹‹‹‹‹‹‹‹‹‹‹‹‹‹‹‹‹‹‹‹‹‹‹‹‹‹‹‹‹‹‹‹‹‹‹‹‹‹‹‹‹‹‹‹‹‹‹‹‹‹‹‹‹‹‹‹‹‹‹‹‹‹‹‹‹‹‹‹‹‹‹‹‹‹‹‹‹‹‹‹‹‹‹‹‹‹‹‹‹‹‹‹‹‹‹‹‹‹‹‹‹‹‹‹‹‹‹‹
RAP1GAP ‹‹‹‹‹‹‹‹‹‹‹‹‹‹‹‹‹‹‹‹‹‹‹‹‹‹‹‹‹‹‹‹‹‹‹‹‹‹‹‹‹‹‹‹‹‹‹‹‹‹‹‹‹‹‹‹‹‹‹‹‹‹‹‹‹‹‹‹‹‹‹‹‹‹‹‹‹‹‹‹‹‹‹‹‹‹‹‹‹‹‹‹‹‹‹‹‹‹‹‹‹‹‹‹‹‹‹‹‹‹‹‹‹‹‹‹‹‹‹‹‹‹‹‹‹‹‹‹‹‹‹‹‹‹‹‹‹‹‹‹‹‹‹‹‹‹‹‹‹‹‹‹‹‹‹‹‹‹‹‹‹‹‹‹‹‹‹‹‹‹‹‹‹‹‹‹‹‹‹‹‹‹‹‹‹‹‹‹‹‹‹‹‹‹‹‹‹‹‹‹‹‹‹‹‹‹‹‹‹‹‹‹‹‹‹‹‹‹‹‹‹‹‹‹‹‹‹‹‹‹‹‹‹‹‹‹‹‹‹‹‹‹‹‹‹‹‹‹‹‹‹‹‹‹‹‹‹‹‹‹
RAP1GAP ‹‹‹‹‹‹‹‹‹‹‹‹‹‹‹‹‹‹‹‹‹‹‹‹‹‹‹‹‹‹‹‹‹‹‹‹‹‹‹‹‹‹‹‹‹‹‹‹‹‹‹‹‹‹‹‹‹‹‹‹‹‹‹‹‹‹‹‹‹‹‹‹‹‹‹‹‹‹‹‹‹‹‹‹‹‹‹‹‹‹‹‹‹‹‹‹‹‹‹‹‹‹‹‹‹‹‹‹‹‹‹‹‹‹‹‹‹‹‹‹‹‹‹‹‹‹‹‹‹‹‹‹‹‹‹‹‹‹‹‹‹‹‹‹‹‹‹‹‹‹‹‹‹‹‹‹‹‹‹‹‹‹‹‹‹‹‹‹‹‹‹‹‹‹‹‹‹‹‹‹‹‹‹‹‹‹‹‹‹‹‹‹‹‹‹‹‹‹‹‹‹‹‹‹‹‹‹‹‹‹‹‹‹‹‹‹‹‹‹‹‹‹‹‹‹‹‹‹‹‹‹‹‹‹‹‹‹‹‹‹‹‹‹‹‹‹‹‹‹‹‹‹‹‹‹‹‹‹‹‹
RAP1GAP ‹‹‹‹‹‹‹‹‹‹‹‹‹‹‹‹‹‹‹‹‹‹‹‹‹‹‹‹‹‹‹‹‹‹‹‹‹‹‹‹‹‹‹‹‹‹‹‹‹‹‹‹‹‹‹‹‹‹‹‹‹‹‹‹‹‹‹‹‹‹‹‹‹‹‹‹‹‹‹‹‹‹‹‹‹‹‹‹‹‹‹‹‹‹‹‹‹‹‹‹‹‹‹‹‹‹‹‹‹‹‹‹‹‹‹‹‹‹‹‹‹‹‹‹‹‹‹‹‹‹‹‹‹‹‹‹‹‹‹‹‹‹‹‹‹‹‹‹‹‹‹‹‹‹‹‹‹‹‹‹‹‹‹‹‹‹‹‹‹‹‹‹‹‹‹‹‹‹‹‹‹‹‹‹‹‹‹‹‹‹‹‹‹‹‹‹‹‹‹‹‹‹‹‹‹‹‹‹‹‹‹‹‹‹‹‹‹‹‹‹‹‹‹‹‹‹‹‹‹‹‹‹‹‹‹‹‹‹‹‹‹‹‹‹‹‹‹‹‹‹‹‹‹‹‹‹‹‹‹‹
RAP1GAP ‹‹‹‹‹‹‹‹‹‹‹‹‹‹‹‹‹‹‹‹‹‹‹‹‹‹‹‹‹‹‹‹‹‹‹‹‹‹‹‹‹‹‹‹‹‹‹‹‹‹‹‹‹‹‹‹‹‹‹‹‹‹‹‹‹‹‹‹‹‹‹‹‹‹‹‹‹‹‹‹‹‹‹‹‹‹‹‹‹‹‹‹‹‹‹‹‹‹‹‹‹‹‹‹‹‹‹‹‹‹‹‹‹‹‹‹‹‹‹‹‹‹‹‹‹‹‹‹‹‹‹‹‹‹‹‹‹‹‹‹‹‹‹‹‹‹‹‹‹‹‹‹‹‹‹‹‹‹‹‹‹‹‹‹‹‹‹‹‹‹‹‹‹‹‹‹‹‹‹‹‹‹‹‹‹‹‹‹‹‹‹‹‹‹‹‹‹‹‹‹‹‹‹‹‹‹‹‹‹‹‹‹‹‹‹‹‹‹‹‹‹‹‹‹‹‹‹‹‹‹‹‹‹‹‹‹‹‹‹‹‹‹‹‹‹‹‹‹‹‹‹‹‹‹‹‹‹‹‹‹
RAP1GAP ‹‹‹‹‹‹‹‹‹‹‹‹‹‹‹‹‹‹‹‹‹‹‹‹‹‹‹‹‹‹‹‹‹‹‹‹‹‹‹‹‹‹‹‹‹‹‹‹‹‹‹‹‹‹‹‹‹‹‹‹‹‹‹‹‹‹‹‹‹‹‹‹‹‹‹‹‹‹‹‹‹‹‹‹‹‹‹‹‹‹‹‹‹‹‹‹‹‹‹‹‹‹‹‹‹‹‹‹‹‹‹‹‹‹‹‹‹‹‹‹‹‹‹‹‹‹‹‹‹‹‹‹‹‹‹‹‹‹‹‹‹‹‹‹‹‹‹‹‹‹‹‹‹‹‹‹‹‹‹‹‹‹‹‹‹‹‹‹‹‹‹‹‹‹‹‹‹‹‹‹‹‹‹‹‹‹‹‹‹‹‹‹‹‹‹‹‹‹‹‹‹‹‹‹‹‹‹‹‹‹‹‹‹‹‹‹‹‹‹‹‹‹‹‹‹‹‹‹‹‹‹‹‹‹‹‹‹‹‹‹‹‹‹‹‹‹‹‹‹‹‹‹‹‹‹‹‹‹‹‹
RAP1GAP ‹‹‹‹‹‹‹‹‹‹‹‹‹‹‹‹‹‹‹‹‹‹‹‹‹‹‹‹‹‹‹‹‹‹‹‹‹‹‹‹‹‹‹‹‹‹‹‹‹‹‹‹‹‹‹‹‹‹‹‹‹‹‹‹‹‹‹‹‹‹‹‹‹‹‹‹‹‹‹‹‹‹‹‹‹‹‹‹‹‹‹‹‹‹‹‹‹‹‹‹‹‹‹‹‹‹‹‹‹‹‹‹‹‹‹‹‹‹‹‹‹‹‹‹‹‹‹‹‹‹‹‹‹‹‹‹‹‹‹‹‹‹‹‹‹‹‹‹‹‹‹‹‹‹‹‹‹‹‹‹‹‹‹‹‹‹‹‹‹‹‹‹‹‹‹‹‹‹‹‹‹‹‹‹‹‹‹‹‹‹‹‹‹‹‹‹‹‹‹‹‹‹‹‹‹‹‹‹‹‹‹‹‹‹‹‹‹‹‹‹‹‹‹‹‹‹‹‹‹‹‹‹‹‹‹‹‹‹‹‹‹‹‹‹‹‹‹‹‹‹‹‹‹‹‹‹‹‹‹‹
RAP1GAP ‹‹‹‹‹‹‹‹‹‹‹‹‹‹‹‹‹‹‹‹‹‹‹‹‹‹‹‹‹‹‹‹‹‹‹‹‹‹‹‹‹‹‹‹‹‹‹‹‹‹‹‹‹‹‹‹‹‹‹‹‹‹‹‹‹‹‹‹‹‹‹‹‹‹‹‹‹‹‹‹‹‹‹‹‹‹‹‹‹‹‹‹‹‹‹‹‹‹‹‹‹‹‹‹‹‹‹‹‹‹‹‹‹‹‹‹‹‹‹‹‹‹‹‹‹‹‹‹‹‹‹‹‹‹‹‹‹‹‹‹‹‹‹‹‹‹‹‹‹‹‹‹‹‹‹‹‹‹‹‹‹‹‹‹‹‹‹‹‹‹‹‹‹‹‹‹‹‹‹‹‹‹‹‹‹‹‹‹‹‹‹‹‹‹‹‹‹‹‹‹‹‹‹‹‹‹‹‹‹‹‹‹‹‹‹‹‹‹‹‹‹‹‹‹‹‹‹‹‹‹‹‹‹‹‹‹‹‹‹‹‹‹‹‹‹‹‹‹‹‹‹‹‹‹‹‹‹‹‹‹
RAP1GAP ‹‹‹‹‹‹‹‹‹‹‹‹‹‹‹‹‹‹‹‹‹‹‹‹‹‹‹‹‹‹‹‹‹‹‹‹‹‹‹‹‹‹‹‹‹‹‹‹‹‹‹‹‹‹‹‹‹‹‹‹‹‹‹‹‹‹‹‹‹‹‹‹‹‹‹‹‹‹‹‹‹‹‹‹‹‹‹‹‹‹‹‹‹‹‹‹‹‹‹‹‹‹‹‹‹‹‹‹‹‹‹‹‹‹‹‹‹‹‹‹‹‹‹‹‹‹‹‹‹‹‹‹‹‹‹‹‹‹‹‹‹‹‹‹‹‹‹‹‹‹‹‹‹‹‹‹‹‹‹‹‹‹‹‹‹‹‹‹‹‹‹‹‹‹‹‹‹‹‹‹‹‹‹‹‹‹‹‹‹‹‹‹‹‹‹‹‹‹‹‹‹‹‹‹‹‹‹‹‹‹‹‹‹‹‹‹‹‹‹‹‹‹‹‹‹‹‹‹‹‹‹‹‹‹‹‹‹‹‹‹‹‹‹‹‹‹‹‹‹‹‹‹‹‹‹‹‹‹‹‹
RAP1GAP ‹‹‹‹‹‹‹‹‹‹‹‹‹‹‹‹‹‹‹‹‹‹‹‹‹‹‹‹‹‹‹‹‹‹‹‹‹‹‹‹‹‹‹‹‹‹‹‹‹‹‹‹‹‹‹‹‹‹‹‹‹‹‹‹‹‹‹‹‹‹‹‹‹‹‹‹‹‹‹‹‹‹‹‹‹‹‹‹‹‹‹‹‹‹‹‹‹‹‹‹‹‹‹‹‹‹‹‹‹‹‹‹‹‹‹‹‹‹‹‹‹‹‹‹‹‹‹‹‹‹‹‹‹‹‹‹‹‹‹‹‹‹‹‹‹‹‹‹‹‹‹‹‹‹‹‹‹‹‹‹‹‹‹‹‹‹‹‹‹‹‹‹‹‹‹‹‹‹‹‹‹‹‹‹‹‹‹‹‹‹‹‹‹‹‹‹‹‹‹‹‹‹‹‹‹‹‹‹‹‹‹‹‹‹‹‹‹‹‹‹‹‹‹‹‹‹‹‹‹‹‹‹‹‹‹‹‹‹‹‹‹‹‹‹‹‹‹‹‹‹‹‹‹‹‹‹‹‹‹‹
RefSeq genes from NCBI
RefSeq Curated
Publications: Sequences in Scientific Articles
Sequences
SNPs
OMIM Gene Phenotypes - Dark Green Can Be Disease-causing
OMIM Genes
Short Genetic Variants from dbSNP release 155
Common dbSNP(155)
Gene Expression in 54 tissues from GTEx RNA-seq of 17382 samples, 948 donors (V8, Aug 2019)
RAP1GAP
H3K27Ac Mark (Often Found Near Active Regulatory Elements) on 7 cell lines from ENCODE
Layered H3K27Ac
100 vertebrates Basewise Conservation by PhyloP
4.88 _
100 Vert. Cons
-4.5 _
G	A	G	A	G	A	G	A	C	T	G	A	A
Multiz Alignments of 100 Vertebrates
Gaps
Human	G	G	G	A	G	G	A	T	G	A	G	A	A	A	C	T	G	G	A	A	A	C
Rhesus	G	G	G	A	G	G	A	A	G	A	G	A	A	A	C	T	G	G	A	A	A	C
Mouse	G	G	A	G	A	G	A	C	A	A	G	A	A	-	-	-	-	G	G	-	-	-
Dog	=	G	G	A	G	G	A	-	-	-	-	-	-	-	-	-	-	-	-	-	-	-
Elephant	G	G	G	A	G	A	A	T	G	A	G	A	A	A	C	T	A	A	G	A	A	C
Chicken	=	=	=	=	=	=	=	=	=	=	=	=	=	=	=	=	=	=	=	=	=	=
X_tropicalis
Zebrafish
Repeating Elements by RepeatMasker
RepeatMasker
